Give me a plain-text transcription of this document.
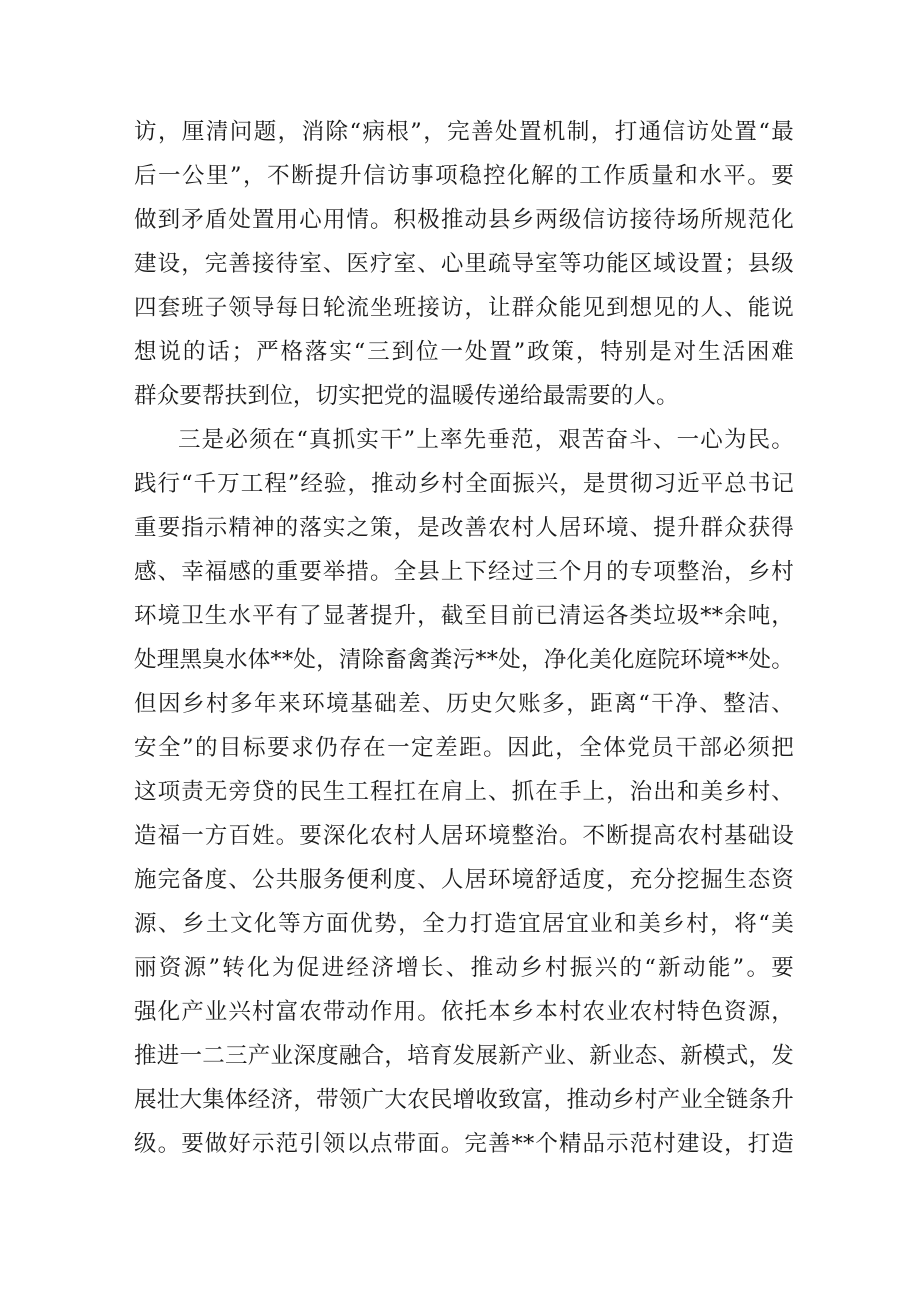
访，厘清问题，消除“病根”，完善处置机制，打通信访处置“最

后一公里”，不断提升信访事项稳控化解的工作质量和水平。要

做到矛盾处置用心用情。积极推动县乡两级信访接待场所规范化

建设，完善接待室、医疗室、心里疏导室等功能区域设置；县级

四套班子领导每日轮流坐班接访，让群众能见到想见的人、能说

想说的话；严格落实“三到位一处置”政策，特别是对生活困难

群众要帮扶到位，切实把党的温暖传递给最需要的人。

三是必须在“真抓实干”上率先垂范，艰苦奋斗、一心为民。

践行“千万工程”经验，推动乡村全面振兴，是贯彻习近平总书记

重要指示精神的落实之策，是改善农村人居环境、提升群众获得

感、幸福感的重要举措。全县上下经过三个月的专项整治，乡村

环境卫生水平有了显著提升，截至目前已清运各类垃圾**余吨，

处理黑臭水体**处，清除畜禽粪污**处，净化美化庭院环境**处。

但因乡村多年来环境基础差、历史欠账多，距离“干净、整洁、

安全”的目标要求仍存在一定差距。因此，全体党员干部必须把

这项责无旁贷的民生工程扛在肩上、抓在手上，治出和美乡村、

造福一方百姓。要深化农村人居环境整治。不断提高农村基础设

施完备度、公共服务便利度、人居环境舒适度，充分挖掘生态资

源、乡土文化等方面优势，全力打造宜居宜业和美乡村，将“美

丽资源”转化为促进经济增长、推动乡村振兴的“新动能”。要

强化产业兴村富农带动作用。依托本乡本村农业农村特色资源，

推进一二三产业深度融合，培育发展新产业、新业态、新模式，发

展壮大集体经济，带领广大农民增收致富，推动乡村产业全链条升

级。要做好示范引领以点带面。完善**个精品示范村建设，打造
